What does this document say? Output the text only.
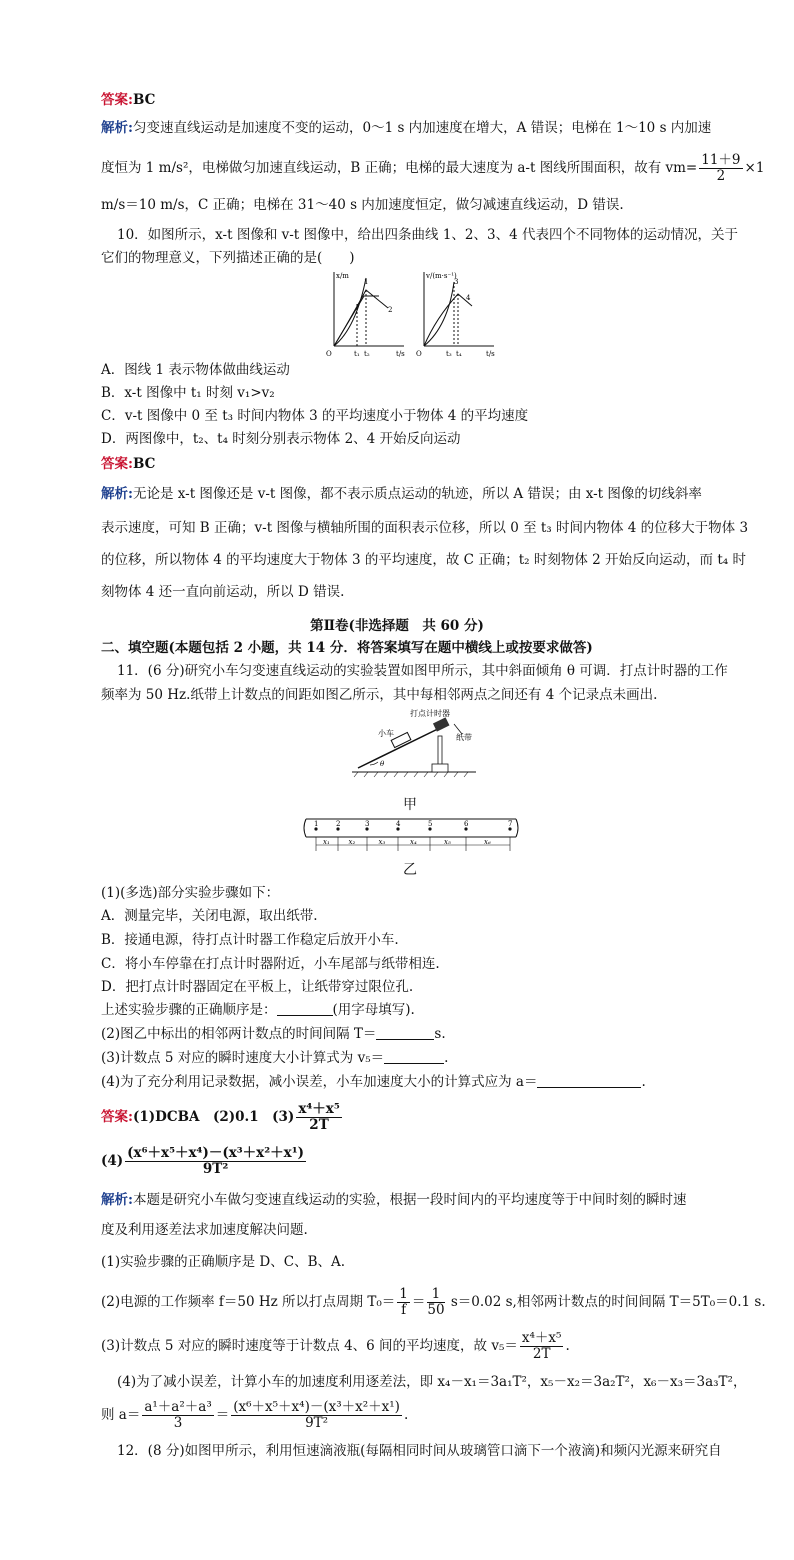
答案:BC
解析:匀变速直线运动是加速度不变的运动，0～1 s 内加速度在增大，A 错误；电梯在 1～10 s 内加速
度恒为 1 m/s²，电梯做匀加速直线运动，B 正确；电梯的最大速度为 a-t 图线所围面积，故有 $vm= \frac{11+9}{2} \times 1$
m/s＝10 m/s，C 正确；电梯在 31～40 s 内加速度恒定，做匀减速直线运动，D 错误.
10．如图所示，x-t 图像和 v-t 图像中，给出四条曲线 1、2、3、4 代表四个不同物体的运动情况，关于
它们的物理意义，下列描述正确的是(　　)
x/m
t/s
O	t₁ t₂
1
2
v/(m·s⁻¹)
t/s
O	t₃ t₄
3
4
A．图线 1 表示物体做曲线运动
B．x-t 图像中 t₁ 时刻 v₁>v₂
C．v-t 图像中 0 至 t₃ 时间内物体 3 的平均速度小于物体 4 的平均速度
D．两图像中，t₂、t₄ 时刻分别表示物体 2、4 开始反向运动
答案:BC
解析:无论是 x-t 图像还是 v-t 图像，都不表示质点运动的轨迹，所以 A 错误；由 x-t 图像的切线斜率
表示速度，可知 B 正确；v-t 图像与横轴所围的面积表示位移，所以 0 至 t₃ 时间内物体 4 的位移大于物体 3
的位移，所以物体 4 的平均速度大于物体 3 的平均速度，故 C 正确；t₂ 时刻物体 2 开始反向运动，而 t₄ 时
刻物体 4 还一直向前运动，所以 D 错误.
第Ⅱ卷(非选择题　共 60 分)
二、填空题(本题包括 2 小题，共 14 分．将答案填写在题中横线上或按要求做答)
11．(6 分)研究小车匀变速直线运动的实验装置如图甲所示，其中斜面倾角 θ 可调．打点计时器的工作
频率为 50 Hz.纸带上计数点的间距如图乙所示，其中每相邻两点之间还有 4 个记录点未画出.
打点计时器
小车	纸带
θ
甲
1	2	3	4	5	6	7
x₁	x₂	x₃	x₄	x₅	x₆
乙
(1)(多选)部分实验步骤如下：
A．测量完毕，关闭电源，取出纸带.
B．接通电源，待打点计时器工作稳定后放开小车.
C．将小车停靠在打点计时器附近，小车尾部与纸带相连.
D．把打点计时器固定在平板上，让纸带穿过限位孔.
上述实验步骤的正确顺序是：	(用字母填写).
(2)图乙中标出的相邻两计数点的时间间隔 T＝	s.
(3)计数点 5 对应的瞬时速度大小计算式为 v₅＝	.
(4)为了充分利用记录数据，减小误差，小车加速度大小的计算式应为 a＝	.
答案:(1)DCBA　(2)0.1　$(3) \frac{\text{x⁴＋x⁵}}{2T}$
$(4) \frac{\text{(x⁶＋x⁵＋x⁴)－(x³＋x²＋x¹)}}{\text{9T²}}$
解析:本题是研究小车做匀变速直线运动的实验，根据一段时间内的平均速度等于中间时刻的瞬时速
度及利用逐差法求加速度解决问题.
(1)实验步骤的正确顺序是 D、C、B、A.
(2)电源的工作频率 f＝50 Hz 所以打点周期 $T_0= \frac{1}{f} = \frac{1}{50} s=0.02$ s,相邻两计数点的时间间隔 T＝5T₀＝0.1 s.
(3)计数点 5 对应的瞬时速度等于计数点 4、6 间的平均速度，故 $v_5= \frac{\text{x⁴＋x⁵}}{2T}$ .
(4)为了减小误差，计算小车的加速度利用逐差法，即 x₄－x₁＝3a₁T²，x₅－x₂＝3a₂T²，x₆－x₃＝3a₃T²，
则 $a= \frac{\text{a¹＋a²＋a³}}{3} = \frac{\text{(x⁶＋x⁵＋x⁴)－(x³＋x²＋x¹)}}{\text{9T²}}$ .
12．(8 分)如图甲所示，利用恒速滴液瓶(每隔相同时间从玻璃管口滴下一个液滴)和频闪光源来研究自
